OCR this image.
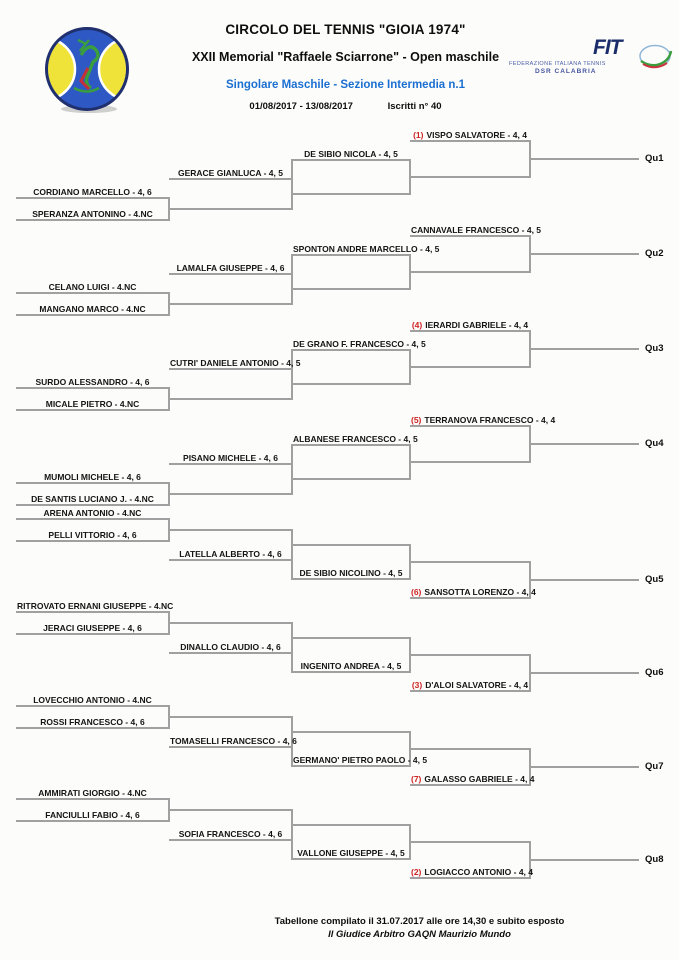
CIRCOLO DEL TENNIS "GIOIA 1974"
XXII Memorial "Raffaele Sciarrone" - Open maschile
Singolare Maschile - Sezione Intermedia n.1
01/08/2017 - 13/08/2017	Iscritti n° 40
FIT
FEDERAZIONE ITALIANA TENNIS
DSR CALABRIA
(1) VISPO SALVATORE - 4, 4
DE SIBIO NICOLA - 4, 5
GERACE GIANLUCA - 4, 5
CORDIANO MARCELLO - 4, 6
SPERANZA ANTONINO - 4.NC
Qu1
CANNAVALE FRANCESCO - 4, 5
SPONTON ANDRE MARCELLO - 4, 5
LAMALFA GIUSEPPE - 4, 6
CELANO LUIGI - 4.NC
MANGANO MARCO - 4.NC
Qu2
(4) IERARDI GABRIELE - 4, 4
DE GRANO F. FRANCESCO - 4, 5
CUTRI' DANIELE ANTONIO - 4, 5
SURDO ALESSANDRO - 4, 6
MICALE PIETRO - 4.NC
Qu3
(5) TERRANOVA FRANCESCO - 4, 4
ALBANESE FRANCESCO - 4, 5
PISANO MICHELE - 4, 6
MUMOLI MICHELE - 4, 6
DE SANTIS LUCIANO J. - 4.NC
Qu4
(6) SANSOTTA LORENZO - 4, 4
DE SIBIO NICOLINO - 4, 5
LATELLA ALBERTO - 4, 6
ARENA ANTONIO - 4.NC
PELLI VITTORIO - 4, 6
Qu5
(3) D'ALOI SALVATORE - 4, 4
INGENITO ANDREA - 4, 5
DINALLO CLAUDIO - 4, 6
RITROVATO ERNANI GIUSEPPE - 4.NC
JERACI GIUSEPPE - 4, 6
Qu6
(7) GALASSO GABRIELE - 4, 4
GERMANO' PIETRO PAOLO - 4, 5
TOMASELLI FRANCESCO - 4, 6
LOVECCHIO ANTONIO - 4.NC
ROSSI FRANCESCO - 4, 6
Qu7
(2) LOGIACCO ANTONIO - 4, 4
VALLONE GIUSEPPE - 4, 5
SOFIA FRANCESCO - 4, 6
AMMIRATI GIORGIO - 4.NC
FANCIULLI FABIO - 4, 6
Qu8
Tabellone compilato il 31.07.2017 alle ore 14,30 e subito esposto
Il Giudice Arbitro GAQN Maurizio Mundo
